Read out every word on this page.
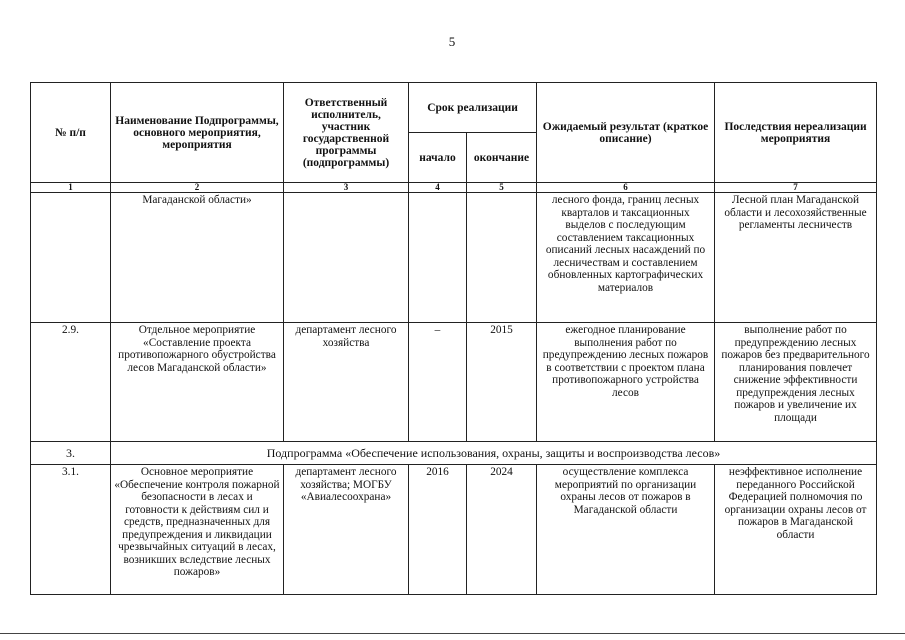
5
№ п/п	Наименование Подпрограммы, основного мероприятия, мероприятия	Ответственный исполнитель, участник государственной программы (подпрограммы)	Срок реализации		Ожидаемый результат (краткое описание)	Последствия нереализации мероприятия
			начало	окончание		
1	2	3	4	5	6	7
	Магаданской области»				лесного фонда, границ лесных кварталов и таксационных выделов с последующим составлением таксационных описаний лесных насаждений по лесничествам и составлением обновленных картографических материалов	Лесной план Магаданской области и лесохозяйственные регламенты лесничеств
2.9.	Отдельное мероприятие «Составление проекта противопожарного обустройства лесов Магаданской области»	департамент лесного хозяйства	–	2015	ежегодное планирование выполнения работ по предупреждению лесных пожаров в соответствии с проектом плана противопожарного устройства лесов	выполнение работ по предупреждению лесных пожаров без предварительного планирования повлечет снижение эффективности предупреждения лесных пожаров и увеличение их площади
3.	Подпрограмма «Обеспечение использования, охраны, защиты и воспроизводства лесов»					
3.1.	Основное мероприятие «Обеспечение контроля пожарной безопасности в лесах и готовности к действиям сил и средств, предназначенных для предупреждения и ликвидации чрезвычайных ситуаций в лесах, возникших вследствие лесных пожаров»	департамент лесного хозяйства; МОГБУ «Авиалесоохрана»	2016	2024	осуществление комплекса мероприятий по организации охраны лесов от пожаров в Магаданской области	неэффективное исполнение переданного Российской Федерацией полномочия по организации охраны лесов от пожаров в Магаданской области
